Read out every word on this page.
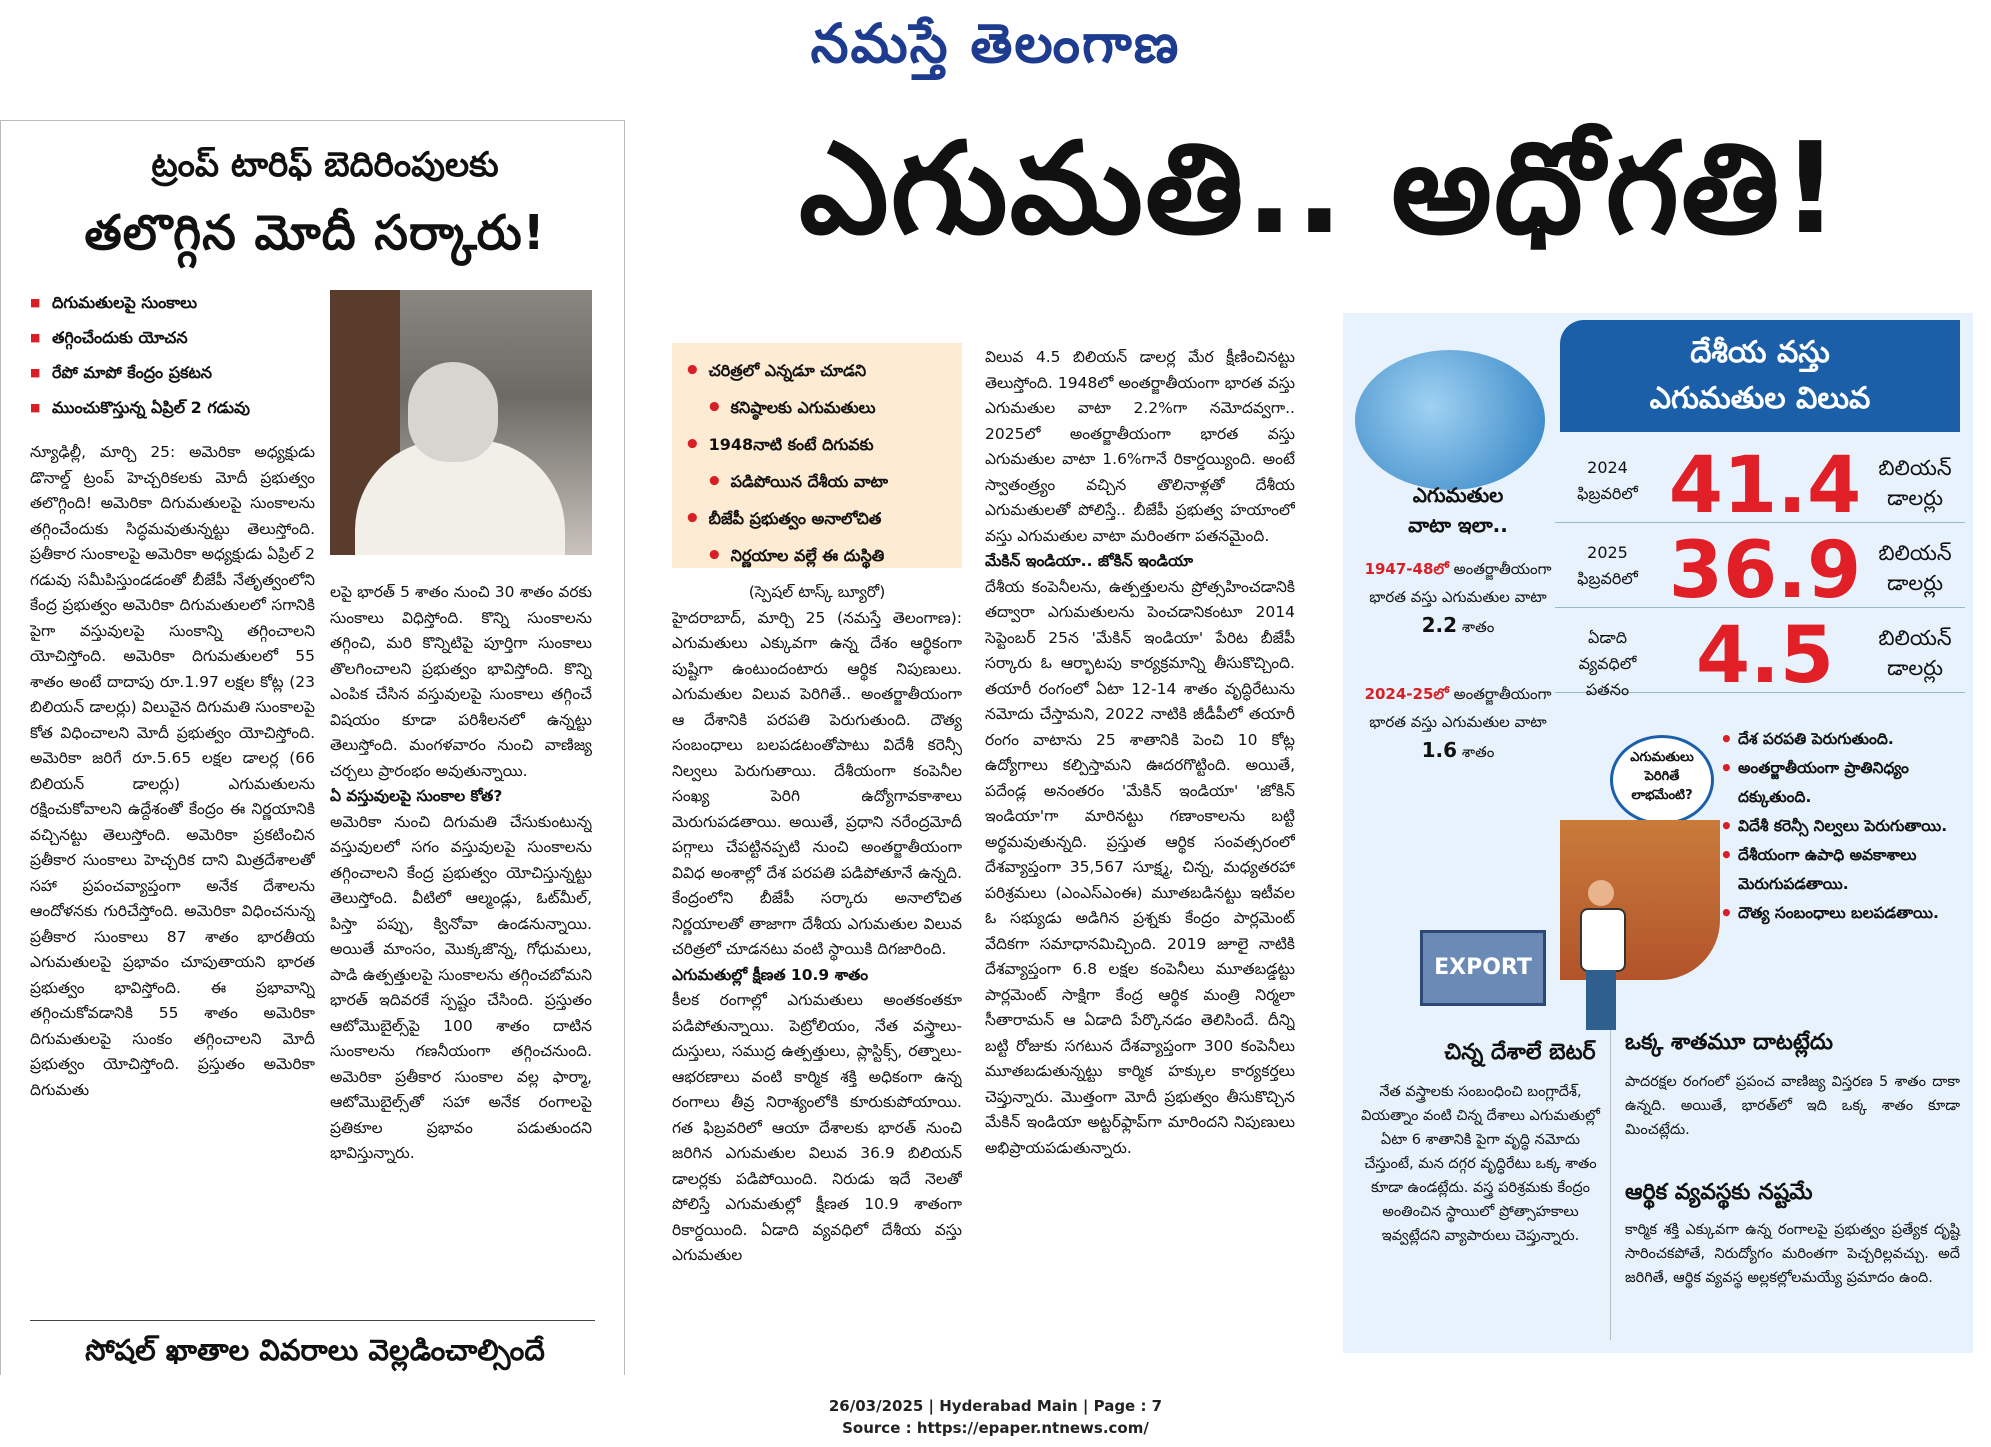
నమస్తే తెలంగాణ
ట్రంప్ టారిఫ్ బెదిరింపులకు
తలొగ్గిన మోదీ సర్కారు!
■ దిగుమతులపై సుంకాలు
■ తగ్గించేందుకు యోచన
■ రేపో మాపో కేంద్రం ప్రకటన
■ ముంచుకొస్తున్న ఏప్రిల్ 2 గడువు

న్యూఢిల్లీ, మార్చి 25: అమెరికా అధ్యక్షుడు డొనాల్డ్ ట్రంప్ హెచ్చరికలకు మోదీ ప్రభుత్వం తలొగ్గింది! అమెరికా దిగుమతులపై సుంకాలను తగ్గించేందుకు సిద్ధమవుతున్నట్టు తెలుస్తోంది. ప్రతీకార సుంకాలపై అమెరికా అధ్యక్షుడు ఏప్రిల్ 2 గడువు సమీపిస్తుండడంతో బీజేపీ నేతృత్వంలోని కేంద్ర ప్రభుత్వం అమెరికా దిగుమతులలో సగానికి పైగా వస్తువులపై సుంకాన్ని తగ్గించాలని యోచిస్తోంది. అమెరికా దిగుమతులలో 55 శాతం అంటే దాదాపు రూ.1.97 లక్షల కోట్ల (23 బిలియన్ డాలర్లు) విలువైన దిగుమతి సుంకాలపై కోత విధించాలని మోదీ ప్రభుత్వం యోచిస్తోంది. అమెరికా జరిగే రూ.5.65 లక్షల డాలర్ల (66 బిలియన్ డాలర్లు) ఎగుమతులను రక్షించుకోవాలని ఉద్దేశంతో కేంద్రం ఈ నిర్ణయానికి వచ్చినట్టు తెలుస్తోంది. అమెరికా ప్రకటించిన ప్రతీకార సుంకాలు హెచ్చరిక దాని మిత్రదేశాలతో సహా ప్రపంచవ్యాప్తంగా అనేక దేశాలను ఆందోళనకు గురిచేస్తోంది. అమెరికా విధించనున్న ప్రతీకార సుంకాలు 87 శాతం భారతీయ ఎగుమతులపై ప్రభావం చూపుతాయని భారత ప్రభుత్వం భావిస్తోంది. ఈ ప్రభావాన్ని తగ్గించుకోవడానికి 55 శాతం అమెరికా దిగుమతులపై సుంకం తగ్గించాలని మోదీ ప్రభుత్వం యోచిస్తోంది. ప్రస్తుతం అమెరికా దిగుమతు

లపై భారత్ 5 శాతం నుంచి 30 శాతం వరకు సుంకాలు విధిస్తోంది. కొన్ని సుంకాలను తగ్గించి, మరి కొన్నిటిపై పూర్తిగా సుంకాలు తొలగించాలని ప్రభుత్వం భావిస్తోంది. కొన్ని ఎంపిక చేసిన వస్తువులపై సుంకాలు తగ్గించే విషయం కూడా పరిశీలనలో ఉన్నట్టు తెలుస్తోంది. మంగళవారం నుంచి వాణిజ్య చర్చలు ప్రారంభం అవుతున్నాయి.

ఏ వస్తువులపై సుంకాల కోత?

అమెరికా నుంచి దిగుమతి చేసుకుంటున్న వస్తువులలో సగం వస్తువులపై సుంకాలను తగ్గించాలని కేంద్ర ప్రభుత్వం యోచిస్తున్నట్టు తెలుస్తోంది. వీటిలో ఆల్మండ్లు, ఓట్‌మీల్, పిస్తా పప్పు, క్వినోవా ఉండనున్నాయి. అయితే మాంసం, మొక్కజొన్న, గోధుమలు, పాడి ఉత్పత్తులపై సుంకాలను తగ్గించబోమని భారత్ ఇదివరకే స్పష్టం చేసింది. ప్రస్తుతం ఆటోమొబైల్స్‌పై 100 శాతం దాటిన సుంకాలను గణనీయంగా తగ్గించనుంది. అమెరికా ప్రతీకార సుంకాల వల్ల ఫార్మా, ఆటోమొబైల్స్‌తో సహా అనేక రంగాలపై ప్రతికూల ప్రభావం పడుతుందని భావిస్తున్నారు.

సోషల్ ఖాతాల వివరాలు వెల్లడించాల్సిందే
ఎగుమతి.. అధోగతి!
• చరిత్రలో ఎన్నడూ చూడని
• కనిష్ఠాలకు ఎగుమతులు
• 1948నాటి కంటే దిగువకు
• పడిపోయిన దేశీయ వాటా
• బీజేపీ ప్రభుత్వం అనాలోచిత
• నిర్ణయాల వల్లే ఈ దుస్థితి

(స్పెషల్ టాస్క్ బ్యూరో)

హైదరాబాద్, మార్చి 25 (నమస్తే తెలంగాణ): ఎగుమతులు ఎక్కువగా ఉన్న దేశం ఆర్థికంగా పుష్టిగా ఉంటుందంటారు ఆర్థిక నిపుణులు. ఎగుమతుల విలువ పెరిగితే.. అంతర్జాతీయంగా ఆ దేశానికి పరపతి పెరుగుతుంది. దౌత్య సంబంధాలు బలపడటంతోపాటు విదేశీ కరెన్సీ నిల్వలు పెరుగుతాయి. దేశీయంగా కంపెనీల సంఖ్య పెరిగి ఉద్యోగావకాశాలు మెరుగుపడతాయి. అయితే, ప్రధాని నరేంద్రమోదీ పగ్గాలు చేపట్టినప్పటి నుంచి అంతర్జాతీయంగా వివిధ అంశాల్లో దేశ పరపతి పడిపోతూనే ఉన్నది. కేంద్రంలోని బీజేపీ సర్కారు అనాలోచిత నిర్ణయాలతో తాజాగా దేశీయ ఎగుమతుల విలువ చరిత్రలో చూడనటు వంటి స్థాయికి దిగజారింది.

ఎగుమతుల్లో క్షీణత 10.9 శాతం

కీలక రంగాల్లో ఎగుమతులు అంతకంతకూ పడిపోతున్నాయి. పెట్రోలియం, నేత వస్త్రాలు-దుస్తులు, సముద్ర ఉత్పత్తులు, ప్లాస్టిక్స్, రత్నాలు-ఆభరణాలు వంటి కార్మిక శక్తి అధికంగా ఉన్న రంగాలు తీవ్ర నిరాశ్యంలోకి కూరుకుపోయాయి. గత ఫిబ్రవరిలో ఆయా దేశాలకు భారత్ నుంచి జరిగిన ఎగుమతుల విలువ 36.9 బిలియన్ డాలర్లకు పడిపోయింది. నిరుడు ఇదే నెలతో పోలిస్తే ఎగుమతుల్లో క్షీణత 10.9 శాతంగా రికార్డయింది. ఏడాది వ్యవధిలో దేశీయ వస్తు ఎగుమతుల

విలువ 4.5 బిలియన్ డాలర్ల మేర క్షీణించినట్టు తెలుస్తోంది. 1948లో అంతర్జాతీయంగా భారత వస్తు ఎగుమతుల వాటా 2.2%గా నమోదవ్వగా.. 2025లో అంతర్జాతీయంగా భారత వస్తు ఎగుమతుల వాటా 1.6%గానే రికార్డయ్యింది. అంటే స్వాతంత్ర్యం వచ్చిన తొలినాళ్లతో దేశీయ ఎగుమతులతో పోలిస్తే.. బీజేపీ ప్రభుత్వ హయాంలో వస్తు ఎగుమతుల వాటా మరింతగా పతనమైంది.

మేకిన్ ఇండియా.. జోకిన్ ఇండియా

దేశీయ కంపెనీలను, ఉత్పత్తులను ప్రోత్సహించడానికి తద్వారా ఎగుమతులను పెంచడానికంటూ 2014 సెప్టెంబర్ 25న 'మేకిన్ ఇండియా' పేరిట బీజేపీ సర్కారు ఓ ఆర్భాటపు కార్యక్రమాన్ని తీసుకొచ్చింది. తయారీ రంగంలో ఏటా 12-14 శాతం వృద్ధిరేటును నమోదు చేస్తామని, 2022 నాటికి జీడీపీలో తయారీ రంగం వాటాను 25 శాతానికి పెంచి 10 కోట్ల ఉద్యోగాలు కల్పిస్తామని ఊదరగొట్టింది. అయితే, పదేండ్ల అనంతరం 'మేకిన్ ఇండియా' 'జోకిన్ ఇండియా'గా మారినట్టు గణాంకాలను బట్టి అర్థమవుతున్నది. ప్రస్తుత ఆర్థిక సంవత్సరంలో దేశవ్యాప్తంగా 35,567 సూక్ష్మ, చిన్న, మధ్యతరహా పరిశ్రమలు (ఎంఎస్ఎంఈ) మూతబడినట్టు ఇటీవల ఓ సభ్యుడు అడిగిన ప్రశ్నకు కేంద్రం పార్లమెంట్ వేదికగా సమాధానమిచ్చింది. 2019 జూలై నాటికి దేశవ్యాప్తంగా 6.8 లక్షల కంపెనీలు మూతబడ్డట్టు పార్లమెంట్ సాక్షిగా కేంద్ర ఆర్థిక మంత్రి నిర్మలా సీతారామన్ ఆ ఏడాది పేర్కొనడం తెలిసిందే. దీన్ని బట్టి రోజుకు సగటున దేశవ్యాప్తంగా 300 కంపెనీలు మూతబడుతున్నట్టు కార్మిక హక్కుల కార్యకర్తలు చెప్తున్నారు. మొత్తంగా మోదీ ప్రభుత్వం తీసుకొచ్చిన మేకిన్ ఇండియా అట్టర్‌ఫ్లాప్‌గా మారిందని నిపుణులు అభిప్రాయపడుతున్నారు.

దేశీయ వస్తు
ఎగుమతుల విలువ
ఎగుమతుల
వాటా ఇలా..
1947-48లో అంతర్జాతీయంగా భారత వస్తు ఎగుమతుల వాటా 2.2 శాతం
2024-25లో అంతర్జాతీయంగా భారత వస్తు ఎగుమతుల వాటా 1.6 శాతం
2024
ఫిబ్రవరిలో 41.4 బిలియన్
డాలర్లు
2025
ఫిబ్రవరిలో 36.9 బిలియన్
డాలర్లు
ఏడాది
వ్యవధిలో పతనం 4.5	బిలియన్
డాలర్లు
ఎగుమతులు పెరిగితే లాభమేంటి?
• దేశ పరపతి పెరుగుతుంది.
• అంతర్జాతీయంగా ప్రాతినిధ్యం దక్కుతుంది.
• విదేశీ కరెన్సీ నిల్వలు పెరుగుతాయి.
• దేశీయంగా ఉపాధి అవకాశాలు మెరుగుపడతాయి.
• దౌత్య సంబంధాలు బలపడతాయి.
EXPORT
చిన్న దేశాలే బెటర్
నేత వస్త్రాలకు సంబంధించి బంగ్లాదేశ్, వియత్నాం వంటి చిన్న దేశాలు ఎగుమతుల్లో ఏటా 6 శాతానికి పైగా వృద్ధి నమోదు చేస్తుంటే, మన దగ్గర వృద్ధిరేటు ఒక్క శాతం కూడా ఉండట్లేదు. వస్త్ర పరిశ్రమకు కేంద్రం అంతించిన స్థాయిలో ప్రోత్సాహకాలు ఇవ్వట్లేదని వ్యాపారులు చెప్తున్నారు.
ఒక్క శాతమూ దాటట్లేదు
పాదరక్షల రంగంలో ప్రపంచ వాణిజ్య విస్తరణ 5 శాతం దాకా ఉన్నది. అయితే, భారత్‌లో ఇది ఒక్క శాతం కూడా మించట్లేదు.
ఆర్థిక వ్యవస్థకు నష్టమే
కార్మిక శక్తి ఎక్కువగా ఉన్న రంగాలపై ప్రభుత్వం ప్రత్యేక దృష్టి సారించకపోతే, నిరుద్యోగం మరింతగా పెచ్చరిల్లవచ్చు. అదే జరిగితే, ఆర్థిక వ్యవస్థ అల్లకల్లోలమయ్యే ప్రమాదం ఉంది.
26/03/2025 | Hyderabad Main | Page : 7
Source : https://epaper.ntnews.com/
